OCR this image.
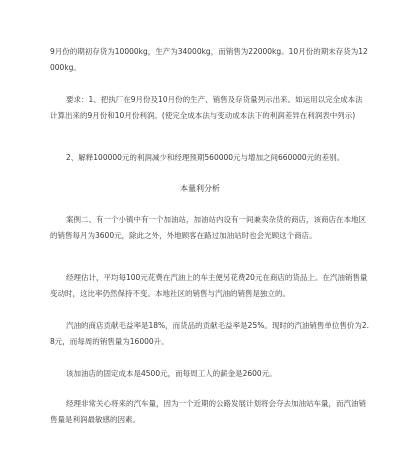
9月份的期初存货为10000kg，生产为34000kg，而销售为22000kg。10月份的期末存货为12000kg。

要求：1、把执厂在9月份及10月份的生产、销售及存货量列示出来。如运用以完全成本法计算出来的9月份和10月份利润。(使完全成本法与变动成本法下的利润差异在利润表中列示)

2、解释100000元的利润减少和经理预期560000元与增加之间660000元的差别。

本量利分析

案例二、有一个小镇中有一个加油站，加油站内设有一间兼卖杂货的商店，该商店在本地区的销售每月为3600元，除此之外，外地顾客在路过加油站时也会光顾这个商店。

经理估计，平均每100元花费在汽油上的车主便另花费20元在商店的货品上。在汽油销售量变动时，这比率仍然保持不变。本地社区的销售与汽油的销售是独立的。

汽油的商店贡献毛益率是18%，而货品的贡献毛益率是25%。现时的汽油销售单位售价为2.8元，而每周的销售量为16000升。

该加油店的固定成本是4500元，而每周工人的薪金是2600元。

经理非常关心将来的汽车量，因为一个近期的公路发展计划将会夺去加油站车量，而汽油销售量是利润最敏感的因素。
